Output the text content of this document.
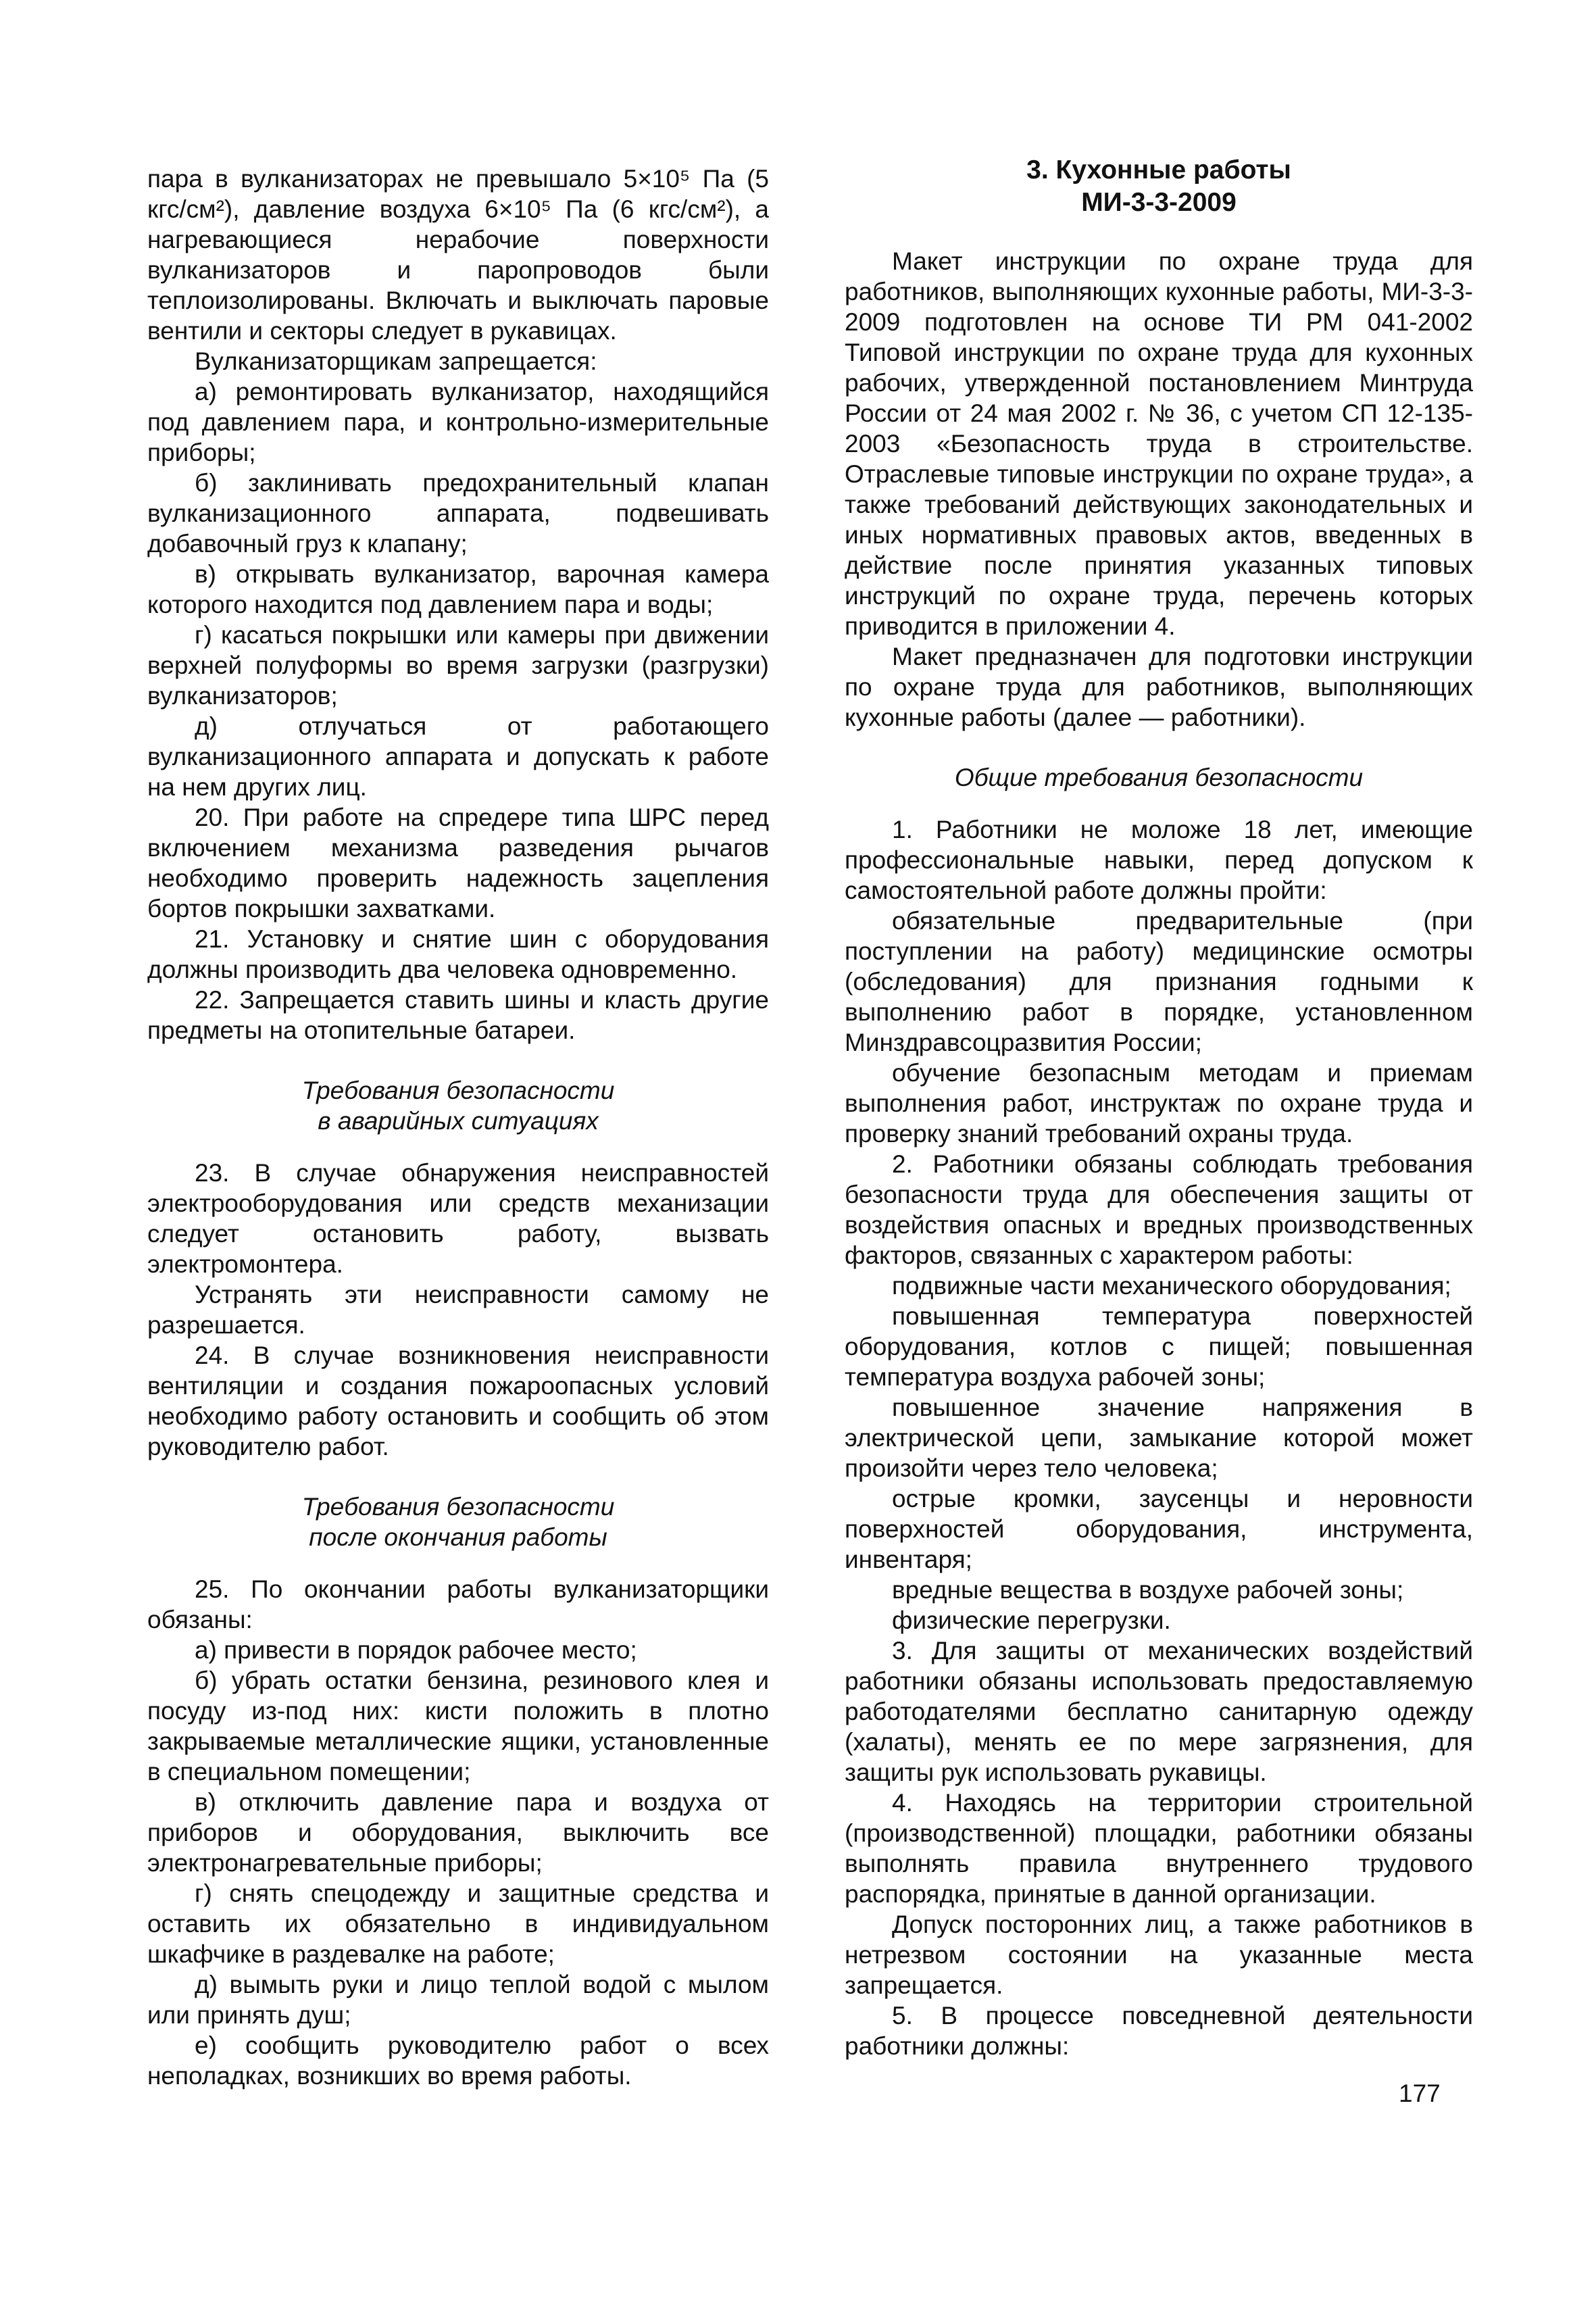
пара в вулканизаторах не превышало 5×10⁵ Па (5 кгс/см²), давление воздуха 6×10⁵ Па (6 кгс/см²), а нагревающиеся нерабочие поверхности вулканизаторов и паропроводов были теплоизолированы. Включать и выключать паровые вентили и секторы следует в рукавицах.

Вулканизаторщикам запрещается:

а) ремонтировать вулканизатор, находящийся под давлением пара, и контрольно-измерительные приборы;

б) заклинивать предохранительный клапан вулканизационного аппарата, подвешивать добавочный груз к клапану;

в) открывать вулканизатор, варочная камера которого находится под давлением пара и воды;

г) касаться покрышки или камеры при движении верхней полуформы во время загрузки (разгрузки) вулканизаторов;

д) отлучаться от работающего вулканизационного аппарата и допускать к работе на нем других лиц.

20. При работе на спредере типа ШРС перед включением механизма разведения рычагов необходимо проверить надежность зацепления бортов покрышки захватками.

21. Установку и снятие шин с оборудования должны производить два человека одновременно.

22. Запрещается ставить шины и класть другие предметы на отопительные батареи.

Требования безопасности
в аварийных ситуациях

23. В случае обнаружения неисправностей электрооборудования или средств механизации следует остановить работу, вызвать электромонтера.

Устранять эти неисправности самому не разрешается.

24. В случае возникновения неисправности вентиляции и создания пожароопасных условий необходимо работу остановить и сообщить об этом руководителю работ.

Требования безопасности
после окончания работы

25. По окончании работы вулканизаторщики обязаны:

а) привести в порядок рабочее место;

б) убрать остатки бензина, резинового клея и посуду из-под них: кисти положить в плотно закрываемые металлические ящики, установленные в специальном помещении;

в) отключить давление пара и воздуха от приборов и оборудования, выключить все электронагревательные приборы;

г) снять спецодежду и защитные средства и оставить их обязательно в индивидуальном шкафчике в раздевалке на работе;

д) вымыть руки и лицо теплой водой с мылом или принять душ;

е) сообщить руководителю работ о всех неполадках, возникших во время работы.

3. Кухонные работы
МИ-3-3-2009

Макет инструкции по охране труда для работников, выполняющих кухонные работы, МИ-3-3-2009 подготовлен на основе ТИ РМ 041-2002 Типовой инструкции по охране труда для кухонных рабочих, утвержденной постановлением Минтруда России от 24 мая 2002 г. № 36, с учетом СП 12-135-2003 «Безопасность труда в строительстве. Отраслевые типовые инструкции по охране труда», а также требований действующих законодательных и иных нормативных правовых актов, введенных в действие после принятия указанных типовых инструкций по охране труда, перечень которых приводится в приложении 4.

Макет предназначен для подготовки инструкции по охране труда для работников, выполняющих кухонные работы (далее — работники).

Общие требования безопасности

1. Работники не моложе 18 лет, имеющие профессиональные навыки, перед допуском к самостоятельной работе должны пройти:

обязательные предварительные (при поступлении на работу) медицинские осмотры (обследования) для признания годными к выполнению работ в порядке, установленном Минздравсоцразвития России;

обучение безопасным методам и приемам выполнения работ, инструктаж по охране труда и проверку знаний требований охраны труда.

2. Работники обязаны соблюдать требования безопасности труда для обеспечения защиты от воздействия опасных и вредных производственных факторов, связанных с характером работы:

подвижные части механического оборудования;

повышенная температура поверхностей оборудования, котлов с пищей; повышенная температура воздуха рабочей зоны;

повышенное значение напряжения в электрической цепи, замыкание которой может произойти через тело человека;

острые кромки, заусенцы и неровности поверхностей оборудования, инструмента, инвентаря;

вредные вещества в воздухе рабочей зоны;

физические перегрузки.

3. Для защиты от механических воздействий работники обязаны использовать предоставляемую работодателями бесплатно санитарную одежду (халаты), менять ее по мере загрязнения, для защиты рук использовать рукавицы.

4. Находясь на территории строительной (производственной) площадки, работники обязаны выполнять правила внутреннего трудового распорядка, принятые в данной организации.

Допуск посторонних лиц, а также работников в нетрезвом состоянии на указанные места запрещается.

5. В процессе повседневной деятельности работники должны:

177
